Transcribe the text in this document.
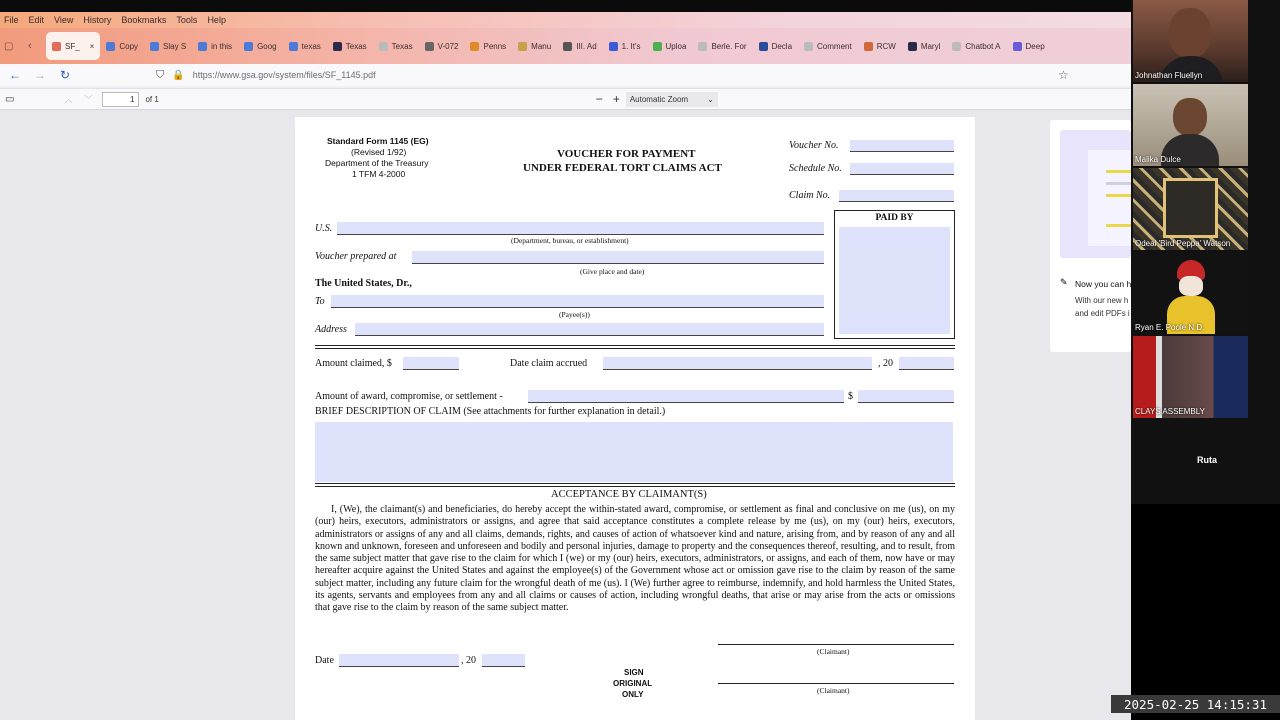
File Edit View History Bookmarks Tools Help
▢	‹	SF_ ×	Copy	Slay S	in this	Goog	texas	Texas	Texas	V-072	Penns	Manu	III. Ad	1. It's	Uploa	Berle. For	Decla	Comment	RCW	Maryl	Chatbot A	Deep
←	→	↻	⛉ 🔒 https://www.gsa.gov/system/files/SF_1145.pdf	☆
▭	︿ ﹀	1	of 1	− + Automatic Zoom ⌄
Standard Form 1145 (EG)
(Revised 1/92)
Department of the Treasury
1 TFM 4-2000
VOUCHER FOR PAYMENT
UNDER FEDERAL TORT CLAIMS ACT
Voucher No.
Schedule No.
Claim No.
PAID BY
U.S.
(Department, bureau, or establishment)
Voucher prepared at
(Give place and date)
The United States, Dr.,
To
(Payee(s))
Address
Amount claimed, $	Date claim accrued	, 20
Amount of award, compromise, or settlement -	$
BRIEF DESCRIPTION OF CLAIM (See attachments for further explanation in detail.)
ACCEPTANCE BY CLAIMANT(S)
I, (We), the claimant(s) and beneficiaries, do hereby accept the within-stated award, compromise, or settlement as final and conclusive on me (us), on my (our) heirs, executors, administrators or assigns, and agree that said acceptance constitutes a complete release by me (us), on my (our) heirs, executors, administrators or assigns of any and all claims, demands, rights, and causes of action of whatsoever kind and nature, arising from, and by reason of any and all known and unknown, foreseen and unforeseen and bodily and personal injuries, damage to property and the consequences thereof, resulting, and to result, from the same subject matter that gave rise to the claim for which I (we) or my (our) heirs, executors, administrators, or assigns, and each of them, now have or may hereafter acquire against the United States and against the employee(s) of the Government whose act or omission gave rise to the claim by reason of the same subject matter, including any future claim for the wrongful death of me (us). I (We) further agree to reimburse, indemnify, and hold harmless the United States, its agents, servants and employees from any and all claims or causes of action, including wrongful deaths, that arise or may arise from the acts or omissions that gave rise to the claim by reason of the same subject matter.
Date	, 20
SIGN
ORIGINAL
ONLY
(Claimant)
(Claimant)
✎ Now you can h
With our new h
and edit PDFs i
Johnathan Fluellyn
Malika Dulce
Odeal 'Bird Peppa' Watson
Ryan E. Poole N.D.
CLAYS ASSEMBLY
Ruta
2025-02-25 14:15:31
